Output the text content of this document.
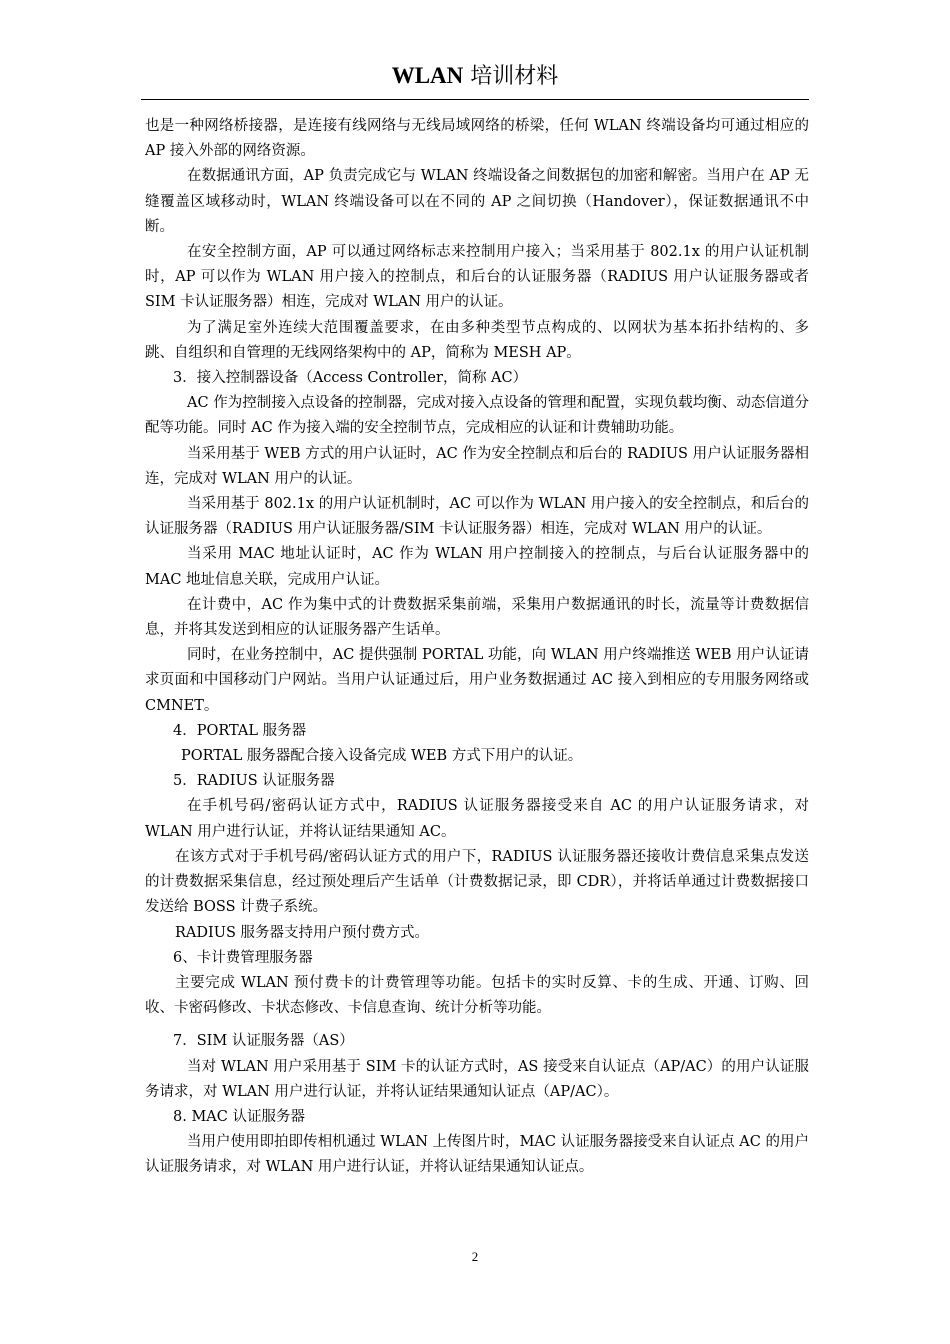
WLAN 培训材料

也是一种网络桥接器，是连接有线网络与无线局域网络的桥梁，任何 WLAN 终端设备均可通过相应的 AP 接入外部的网络资源。

在数据通讯方面，AP 负责完成它与 WLAN 终端设备之间数据包的加密和解密。当用户在 AP 无缝覆盖区域移动时，WLAN 终端设备可以在不同的 AP 之间切换（Handover），保证数据通讯不中断。

在安全控制方面，AP 可以通过网络标志来控制用户接入；当采用基于 802.1x 的用户认证机制时，AP 可以作为 WLAN 用户接入的控制点，和后台的认证服务器（RADIUS 用户认证服务器或者 SIM 卡认证服务器）相连，完成对 WLAN 用户的认证。

为了满足室外连续大范围覆盖要求，在由多种类型节点构成的、以网状为基本拓扑结构的、多跳、自组织和自管理的无线网络架构中的 AP，简称为 MESH AP。

3．接入控制器设备（Access Controller，简称 AC）

AC 作为控制接入点设备的控制器，完成对接入点设备的管理和配置，实现负载均衡、动态信道分配等功能。同时 AC 作为接入端的安全控制节点，完成相应的认证和计费辅助功能。

当采用基于 WEB 方式的用户认证时，AC 作为安全控制点和后台的 RADIUS 用户认证服务器相连，完成对 WLAN 用户的认证。

当采用基于 802.1x 的用户认证机制时，AC 可以作为 WLAN 用户接入的安全控制点，和后台的认证服务器（RADIUS 用户认证服务器/SIM 卡认证服务器）相连，完成对 WLAN 用户的认证。

当采用 MAC 地址认证时，AC 作为 WLAN 用户控制接入的控制点，与后台认证服务器中的 MAC 地址信息关联，完成用户认证。

在计费中，AC 作为集中式的计费数据采集前端，采集用户数据通讯的时长，流量等计费数据信息，并将其发送到相应的认证服务器产生话单。

同时，在业务控制中，AC 提供强制 PORTAL 功能，向 WLAN 用户终端推送 WEB 用户认证请求页面和中国移动门户网站。当用户认证通过后，用户业务数据通过 AC 接入到相应的专用服务网络或 CMNET。

4．PORTAL 服务器

PORTAL 服务器配合接入设备完成 WEB 方式下用户的认证。

5．RADIUS 认证服务器

在手机号码/密码认证方式中，RADIUS 认证服务器接受来自 AC 的用户认证服务请求，对 WLAN 用户进行认证，并将认证结果通知 AC。

在该方式对于手机号码/密码认证方式的用户下，RADIUS 认证服务器还接收计费信息采集点发送的计费数据采集信息，经过预处理后产生话单（计费数据记录，即 CDR），并将话单通过计费数据接口发送给 BOSS 计费子系统。

RADIUS 服务器支持用户预付费方式。

6、卡计费管理服务器

主要完成 WLAN 预付费卡的计费管理等功能。包括卡的实时反算、卡的生成、开通、订购、回收、卡密码修改、卡状态修改、卡信息查询、统计分析等功能。

7．SIM 认证服务器（AS）

当对 WLAN 用户采用基于 SIM 卡的认证方式时，AS 接受来自认证点（AP/AC）的用户认证服务请求，对 WLAN 用户进行认证，并将认证结果通知认证点（AP/AC）。

8. MAC 认证服务器

当用户使用即拍即传相机通过 WLAN 上传图片时，MAC 认证服务器接受来自认证点 AC 的用户认证服务请求，对 WLAN 用户进行认证，并将认证结果通知认证点。

2
